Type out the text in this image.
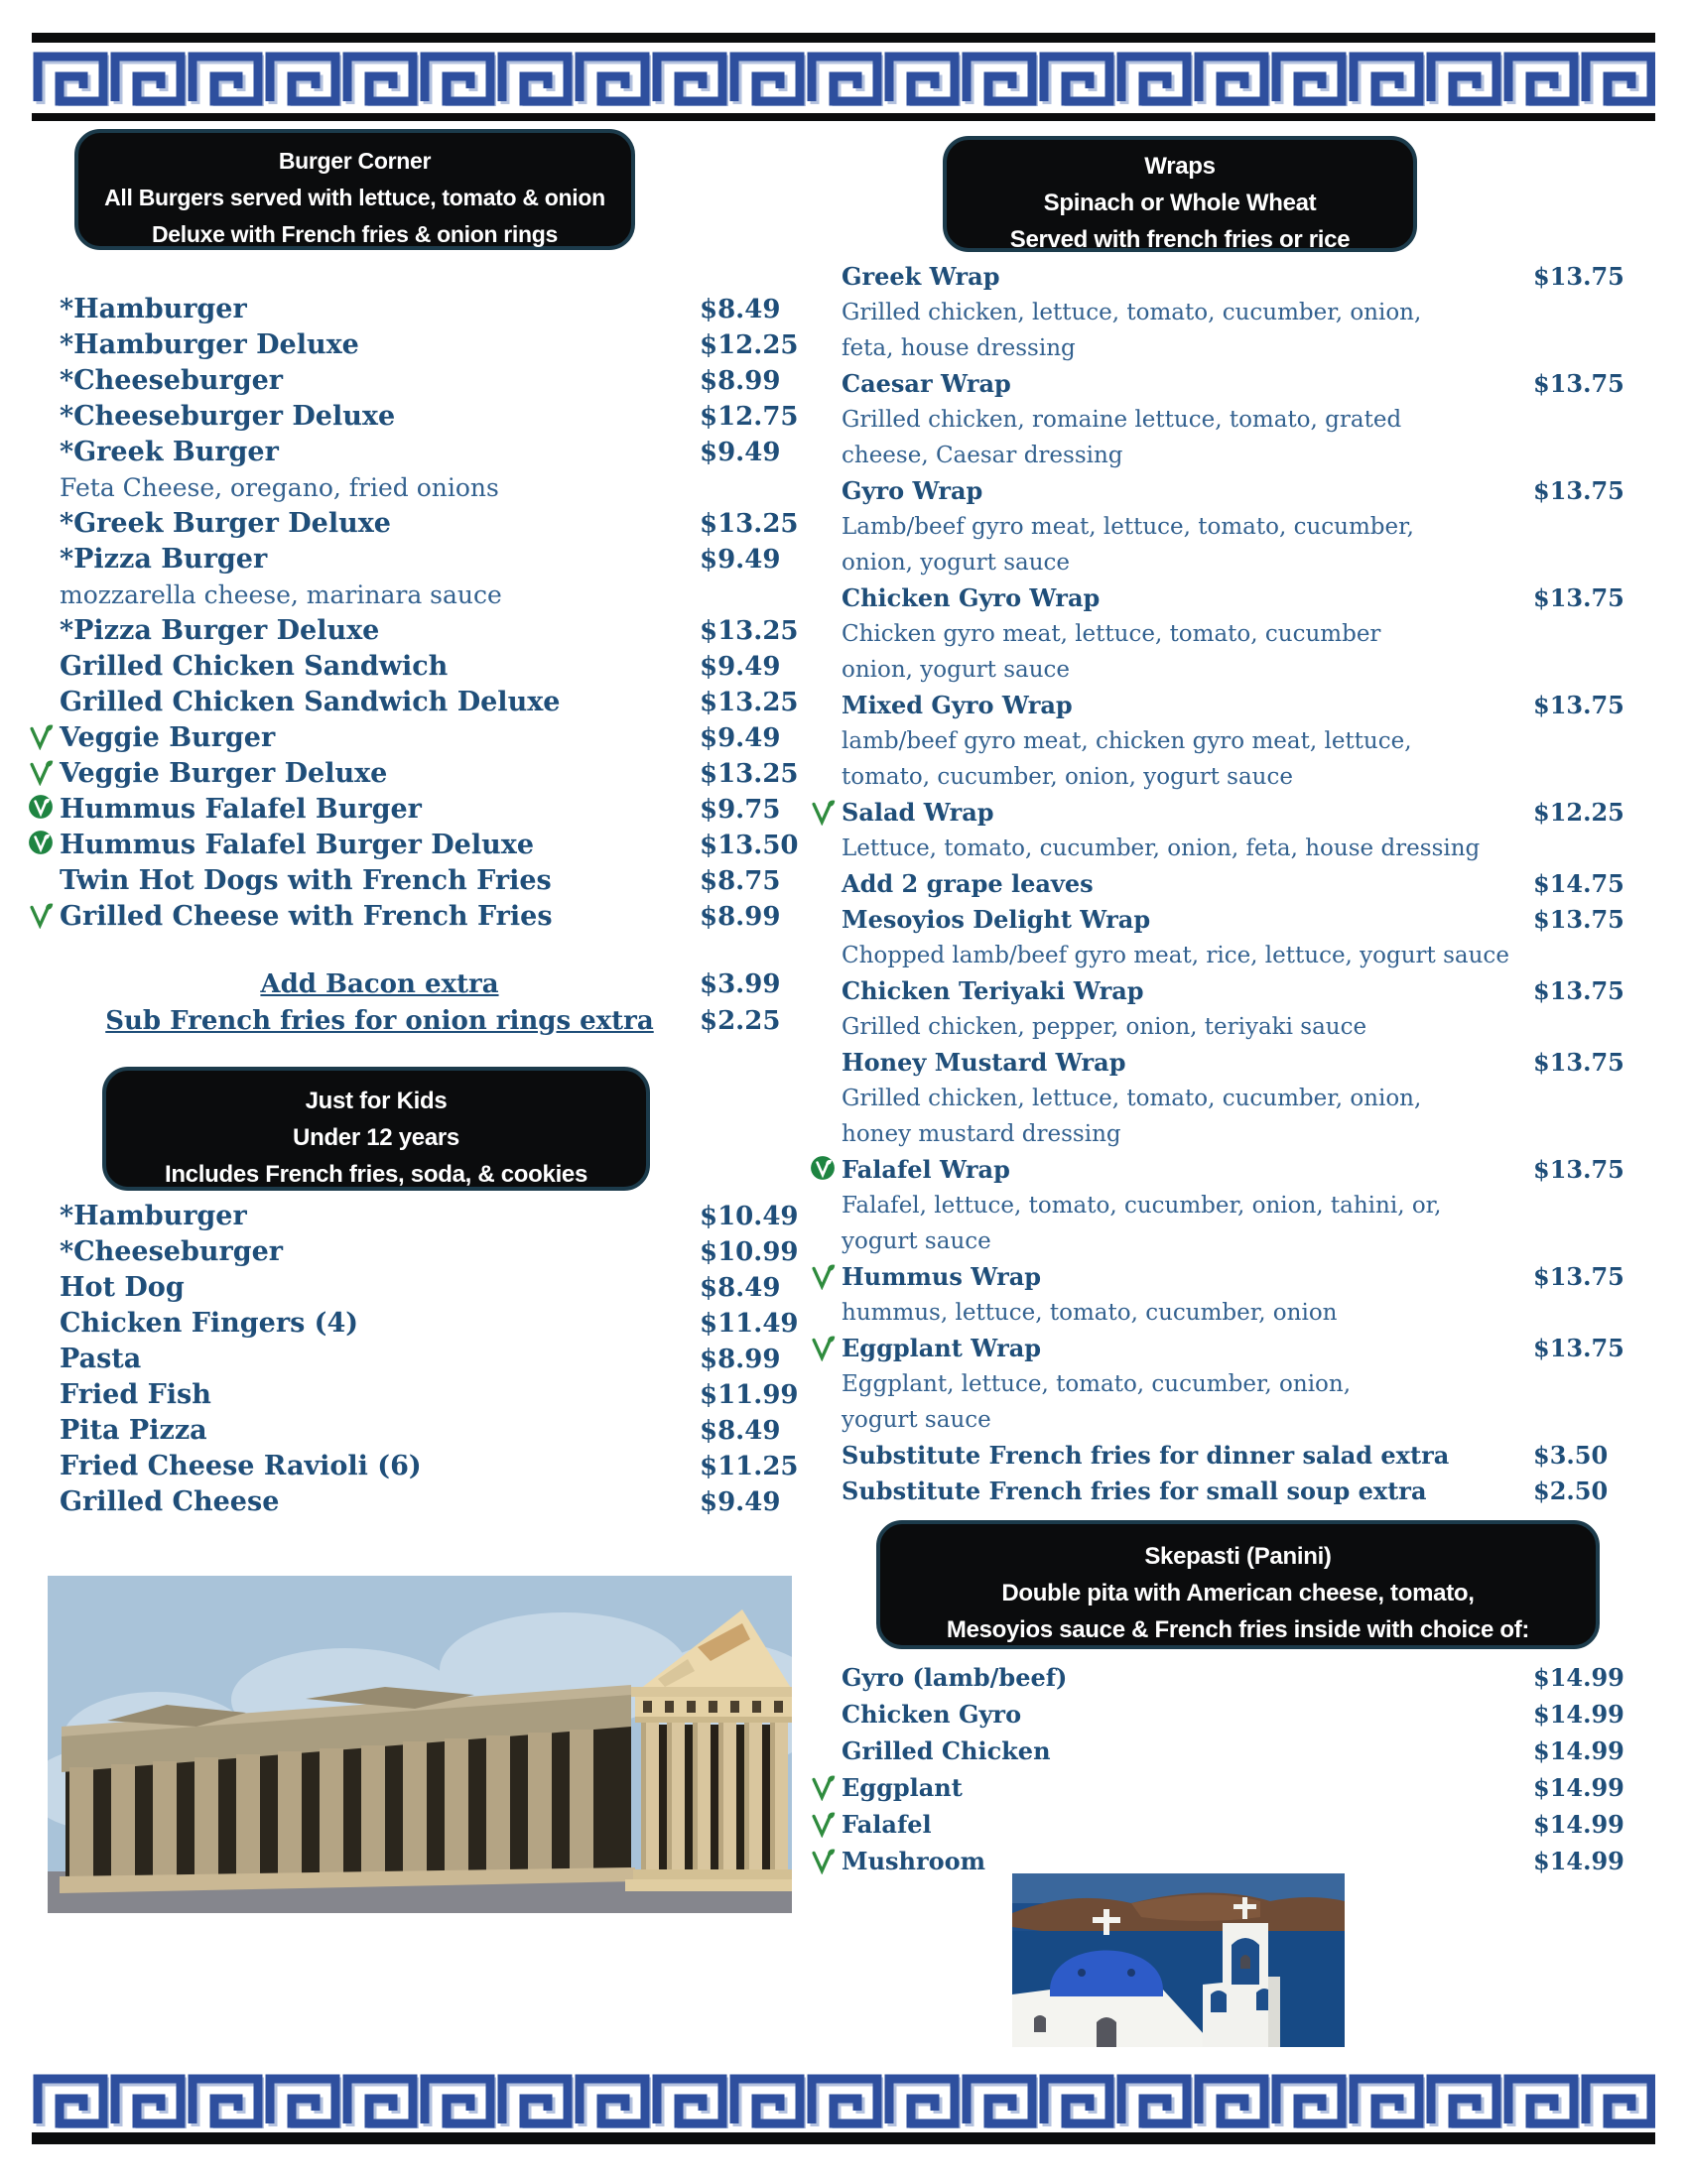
Burger Corner
All Burgers served with lettuce, tomato & onion
Deluxe with French fries & onion rings
*Hamburger	$8.49
*Hamburger Deluxe	$12.25
*Cheeseburger	$8.99
*Cheeseburger Deluxe	$12.75
*Greek Burger	$9.49
Feta Cheese, oregano, fried onions
*Greek Burger Deluxe	$13.25
*Pizza Burger	$9.49
mozzarella cheese, marinara sauce
*Pizza Burger Deluxe	$13.25
Grilled Chicken Sandwich	$9.49
Grilled Chicken Sandwich Deluxe	$13.25
Veggie Burger	$9.49
Veggie Burger Deluxe	$13.25
Hummus Falafel Burger	$9.75
Hummus Falafel Burger Deluxe	$13.50
Twin Hot Dogs with French Fries	$8.75
Grilled Cheese with French Fries	$8.99
Add Bacon extra	$3.99
Sub French fries for onion rings extra $2.25
Just for Kids
Under 12 years
Includes French fries, soda, & cookies
*Hamburger	$10.49
*Cheeseburger	$10.99
Hot Dog	$8.49
Chicken Fingers (4)	$11.49
Pasta	$8.99
Fried Fish	$11.99
Pita Pizza	$8.49
Fried Cheese Ravioli (6)	$11.25
Grilled Cheese	$9.49
Wraps
Spinach or Whole Wheat
Served with french fries or rice
Greek Wrap	$13.75
Grilled chicken, lettuce, tomato, cucumber, onion,
feta, house dressing
Caesar Wrap	$13.75
Grilled chicken, romaine lettuce, tomato, grated
cheese, Caesar dressing
Gyro Wrap	$13.75
Lamb/beef gyro meat, lettuce, tomato, cucumber,
onion, yogurt sauce
Chicken Gyro Wrap	$13.75
Chicken gyro meat, lettuce, tomato, cucumber
onion, yogurt sauce
Mixed Gyro Wrap	$13.75
lamb/beef gyro meat, chicken gyro meat, lettuce,
tomato, cucumber, onion, yogurt sauce
Salad Wrap	$12.25
Lettuce, tomato, cucumber, onion, feta, house dressing
Add 2 grape leaves	$14.75
Mesoyios Delight Wrap	$13.75
Chopped lamb/beef gyro meat, rice, lettuce, yogurt sauce
Chicken Teriyaki Wrap	$13.75
Grilled chicken, pepper, onion, teriyaki sauce
Honey Mustard Wrap	$13.75
Grilled chicken, lettuce, tomato, cucumber, onion,
honey mustard dressing
Falafel Wrap	$13.75
Falafel, lettuce, tomato, cucumber, onion, tahini, or,
yogurt sauce
Hummus Wrap	$13.75
hummus, lettuce, tomato, cucumber, onion
Eggplant Wrap	$13.75
Eggplant, lettuce, tomato, cucumber, onion,
yogurt sauce
Substitute French fries for dinner salad extra	$3.50
Substitute French fries for small soup extra	$2.50
Skepasti (Panini)
Double pita with American cheese, tomato,
Mesoyios sauce & French fries inside with choice of:
Gyro (lamb/beef)	$14.99
Chicken Gyro	$14.99
Grilled Chicken	$14.99
Eggplant	$14.99
Falafel	$14.99
Mushroom	$14.99
